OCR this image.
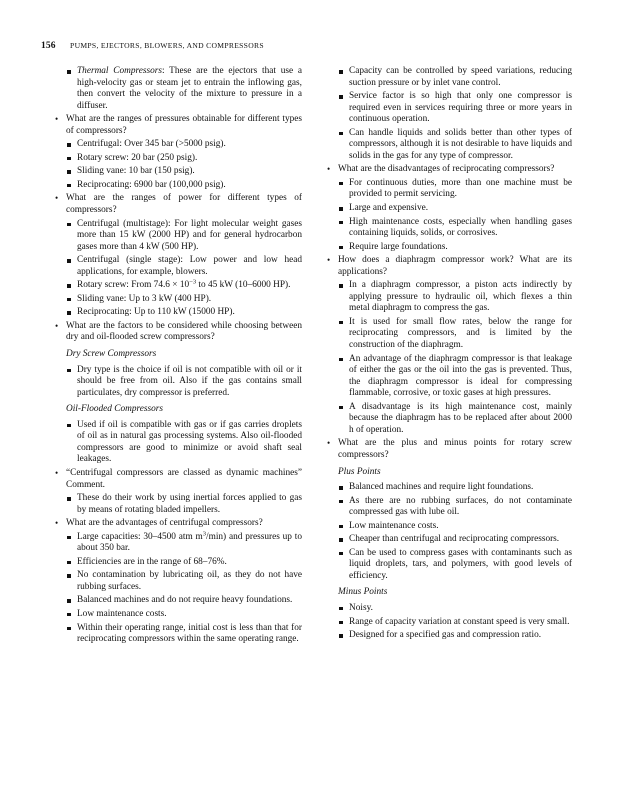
156 PUMPS, EJECTORS, BLOWERS, AND COMPRESSORS
Thermal Compressors: These are the ejectors that use a high-velocity gas or steam jet to entrain the inflowing gas, then convert the velocity of the mixture to pressure in a diffuser.
• What are the ranges of pressures obtainable for different types of compressors?
Centrifugal: Over 345 bar (>5000 psig).
Rotary screw: 20 bar (250 psig).
Sliding vane: 10 bar (150 psig).
Reciprocating: 6900 bar (100,000 psig).
• What are the ranges of power for different types of compressors?
Centrifugal (multistage): For light molecular weight gases more than 15 kW (2000 HP) and for general hydrocarbon gases more than 4 kW (500 HP).
Centrifugal (single stage): Low power and low head applications, for example, blowers.
Rotary screw: From $74.6 \times 10^{-3}$ to 45 kW (10–6000 HP).
Sliding vane: Up to 3 kW (400 HP).
Reciprocating: Up to 110 kW (15000 HP).
• What are the factors to be considered while choosing between dry and oil-flooded screw compressors?
Dry Screw Compressors
Dry type is the choice if oil is not compatible with oil or it should be free from oil. Also if the gas contains small particulates, dry compressor is preferred.
Oil-Flooded Compressors
Used if oil is compatible with gas or if gas carries droplets of oil as in natural gas processing systems. Also oil-flooded compressors are good to minimize or avoid shaft seal leakages.
• “Centrifugal compressors are classed as dynamic machines” Comment.
These do their work by using inertial forces applied to gas by means of rotating bladed impellers.
• What are the advantages of centrifugal compressors?
Large capacities: 30–4500 atm $m^3/\min$) and pressures up to about 350 bar.
Efficiencies are in the range of 68–76%.
No contamination by lubricating oil, as they do not have rubbing surfaces.
Balanced machines and do not require heavy foundations.
Low maintenance costs.
Within their operating range, initial cost is less than that for reciprocating compressors within the same operating range.
Capacity can be controlled by speed variations, reducing suction pressure or by inlet vane control.
Service factor is so high that only one compressor is required even in services requiring three or more years in continuous operation.
Can handle liquids and solids better than other types of compressors, although it is not desirable to have liquids and solids in the gas for any type of compressor.
• What are the disadvantages of reciprocating compressors?
For continuous duties, more than one machine must be provided to permit servicing.
Large and expensive.
High maintenance costs, especially when handling gases containing liquids, solids, or corrosives.
Require large foundations.
• How does a diaphragm compressor work? What are its applications?
In a diaphragm compressor, a piston acts indirectly by applying pressure to hydraulic oil, which flexes a thin metal diaphragm to compress the gas.
It is used for small flow rates, below the range for reciprocating compressors, and is limited by the construction of the diaphragm.
An advantage of the diaphragm compressor is that leakage of either the gas or the oil into the gas is prevented. Thus, the diaphragm compressor is ideal for compressing flammable, corrosive, or toxic gases at high pressures.
A disadvantage is its high maintenance cost, mainly because the diaphragm has to be replaced after about 2000 h of operation.
• What are the plus and minus points for rotary screw compressors?
Plus Points
Balanced machines and require light foundations.
As there are no rubbing surfaces, do not contaminate compressed gas with lube oil.
Low maintenance costs.
Cheaper than centrifugal and reciprocating compressors.
Can be used to compress gases with contaminants such as liquid droplets, tars, and polymers, with good levels of efficiency.
Minus Points
Noisy.
Range of capacity variation at constant speed is very small.
Designed for a specified gas and compression ratio.
